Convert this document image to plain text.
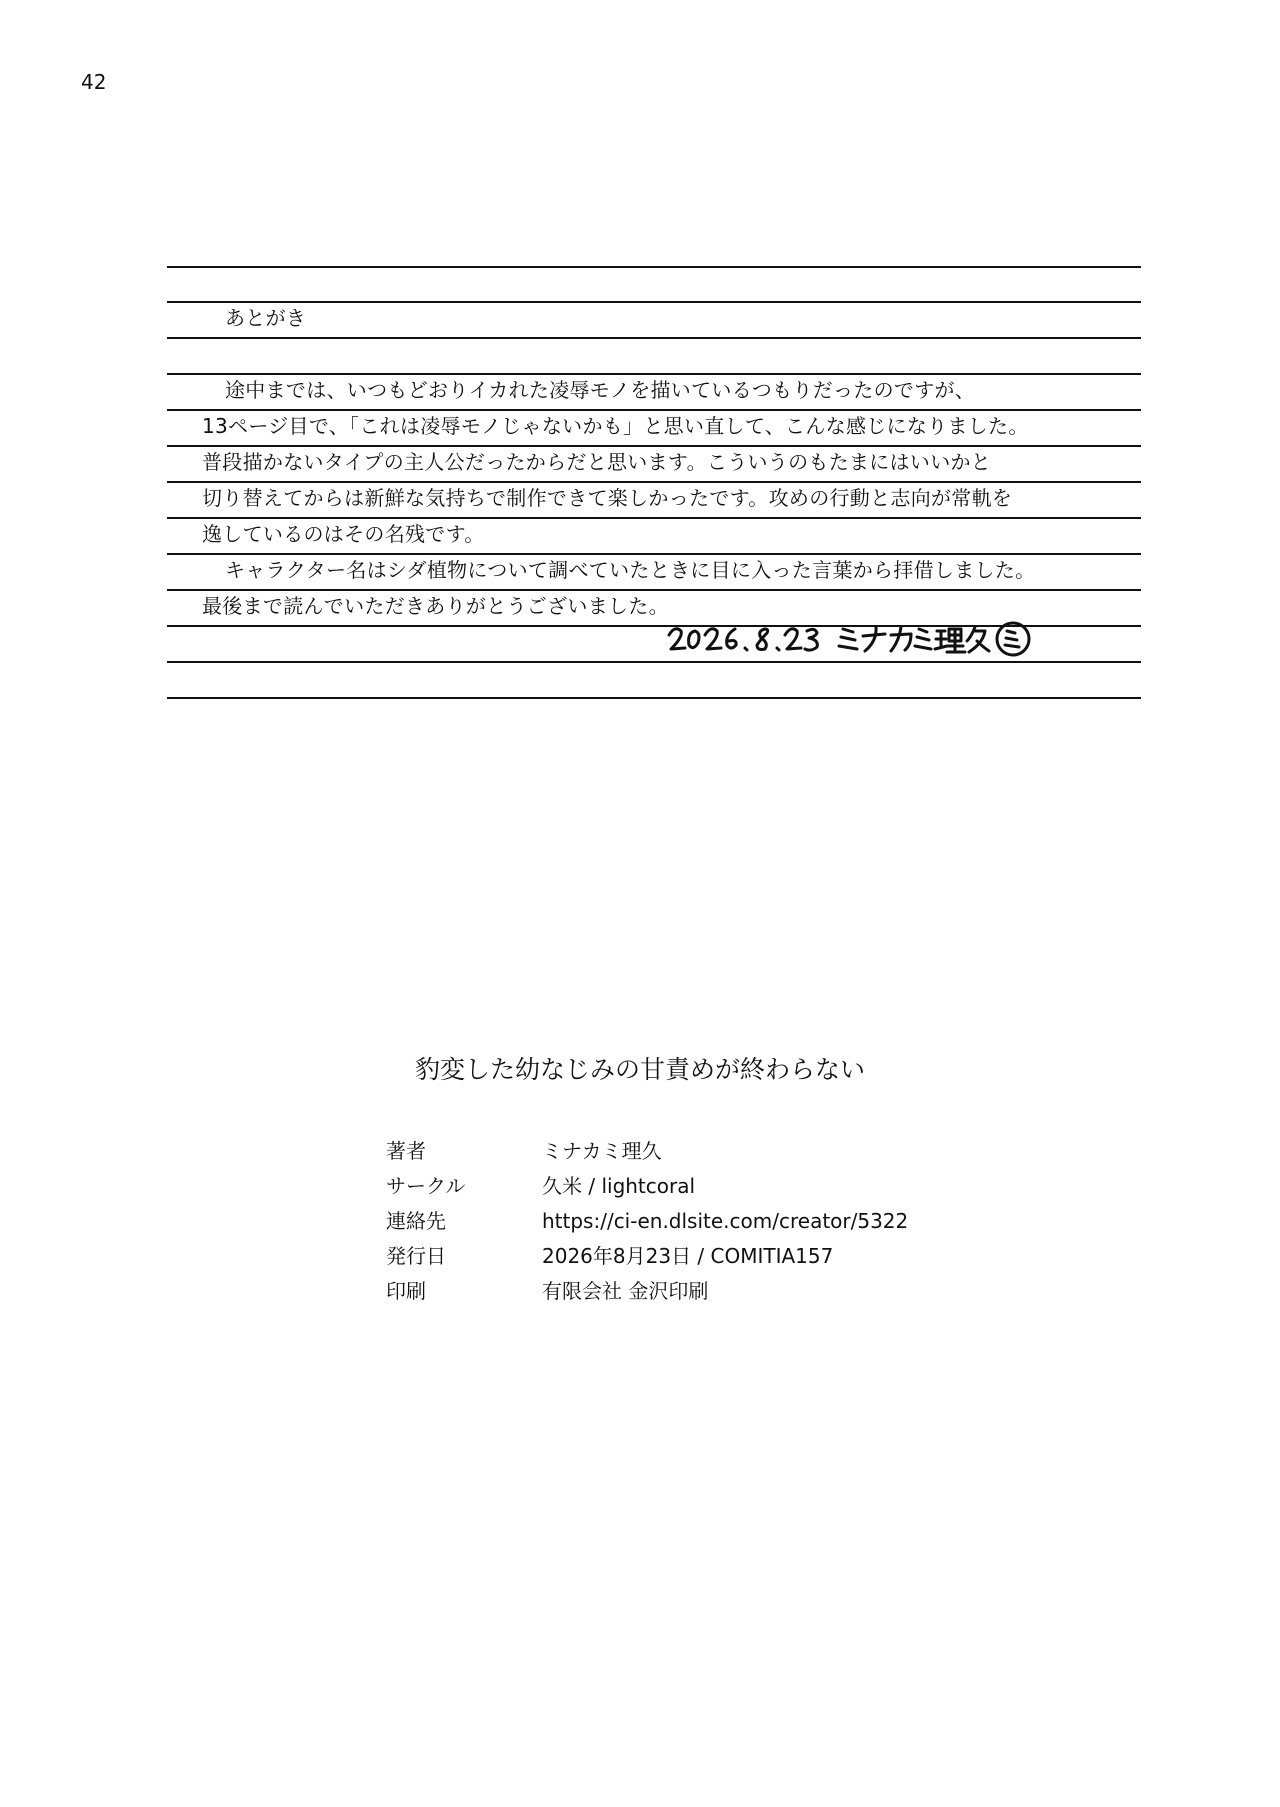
42
あとがき
途中までは、いつもどおりイカれた凌辱モノを描いているつもりだったのですが、
13ページ目で、「これは凌辱モノじゃないかも」と思い直して、こんな感じになりました。
普段描かないタイプの主人公だったからだと思います。こういうのもたまにはいいかと
切り替えてからは新鮮な気持ちで制作できて楽しかったです。攻めの行動と志向が常軌を
逸しているのはその名残です。
キャラクター名はシダ植物について調べていたときに目に入った言葉から拝借しました。
最後まで読んでいただきありがとうございました。
豹変した幼なじみの甘責めが終わらない
著者	ミナカミ理久
サークル	久米 / lightcoral
連絡先	https://ci-en.dlsite.com/creator/5322
発行日	2026年8月23日 / COMITIA157
印刷	有限会社 金沢印刷
